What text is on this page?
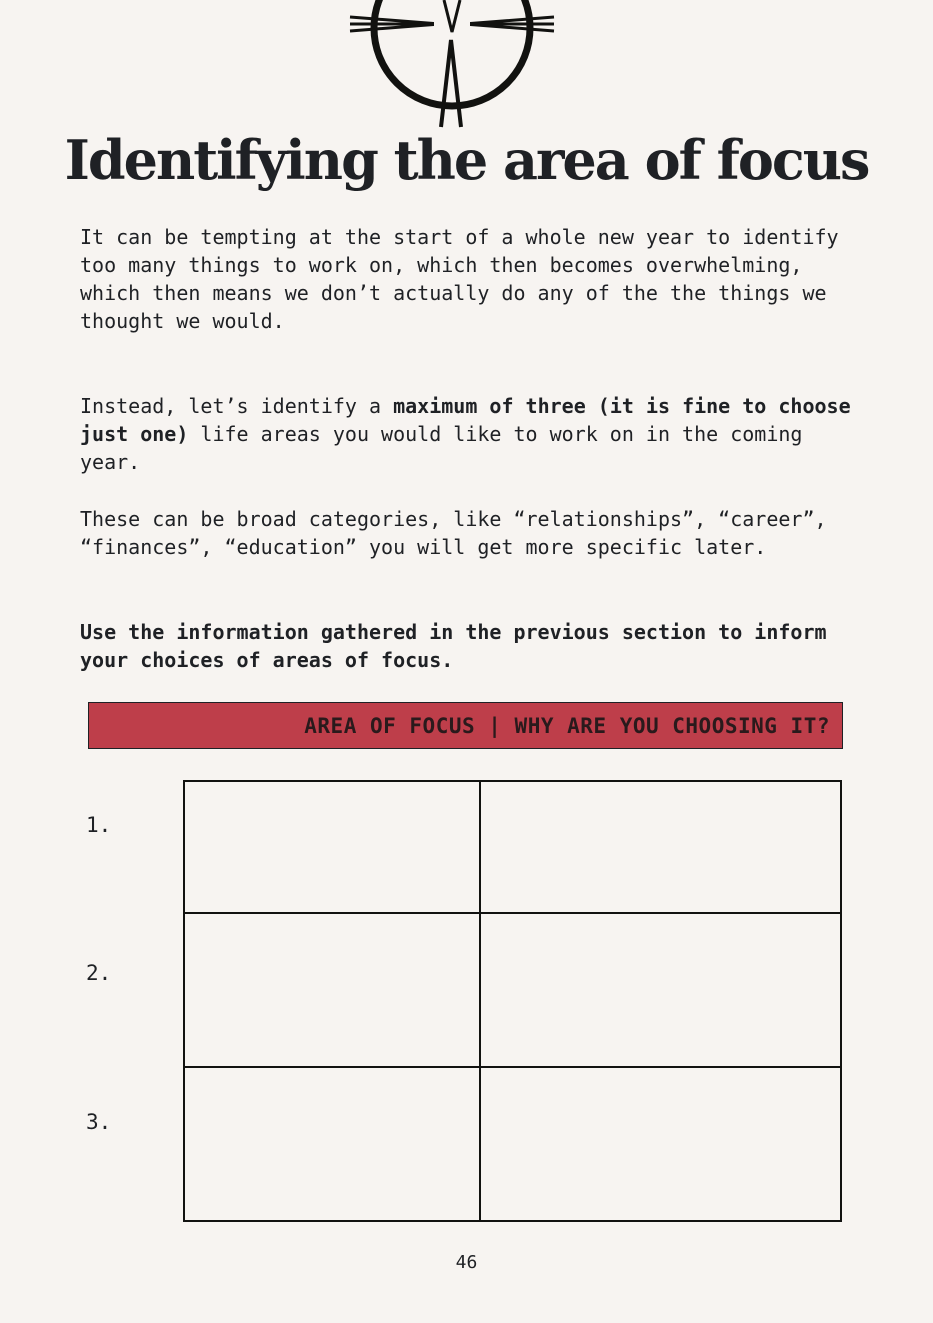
Identifying the area of focus

It can be tempting at the start of a whole new year to identify too many things to work on, which then becomes overwhelming, which then means we don’t actually do any of the the things we thought we would.

Instead, let’s identify a maximum of three (it is fine to choose just one) life areas you would like to work on in the coming year.

These can be broad categories, like “relationships”, “career”, “finances”, “education” you will get more specific later.

Use the information gathered in the previous section to inform your choices of areas of focus.

AREA OF FOCUS | WHY ARE YOU CHOOSING IT?
1.
2.
3.
46
